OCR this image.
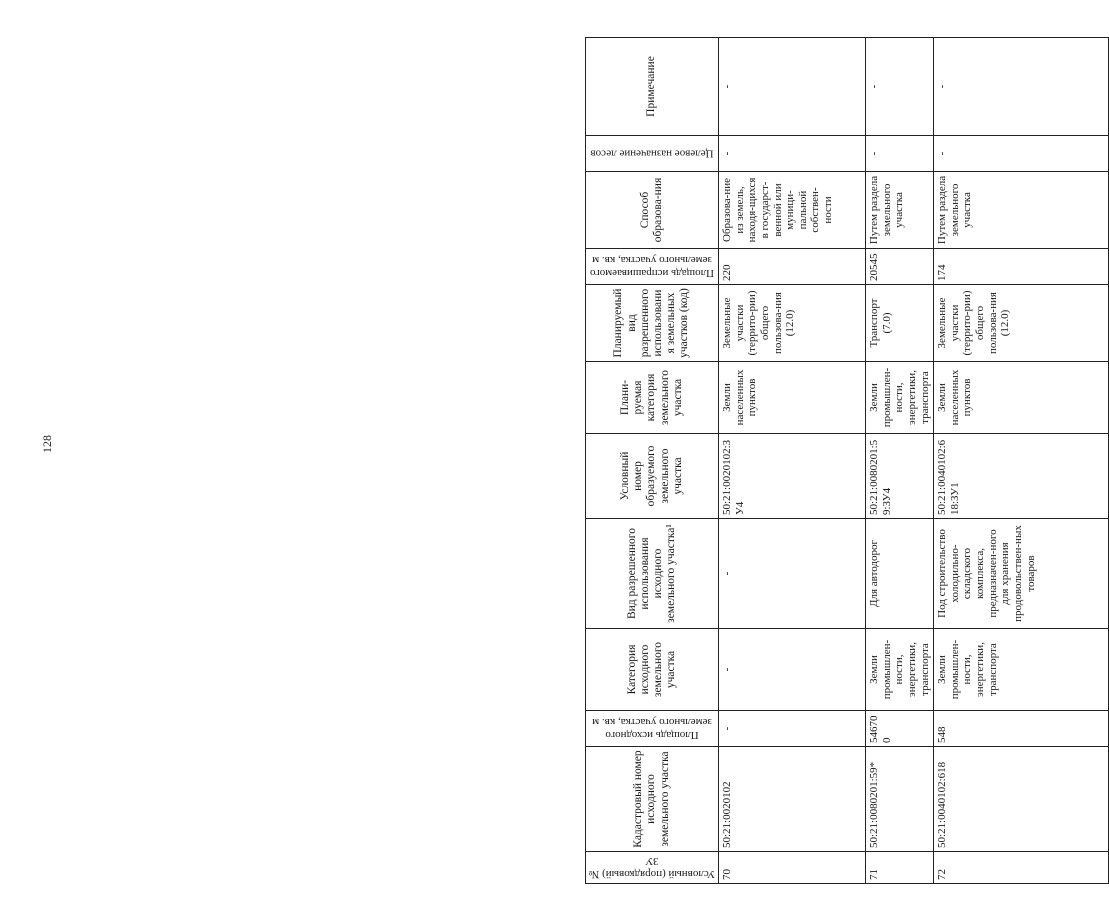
128
Условный (порядковый) № ЗУ	Кадастровый номер исходного земельного участка	Площадь исходного земельного участка, кв. м	Категория исходного земельного участка	Вид разрешенного использования исходного земельного участка¹	Условный номер образуемого земельного участка	Плани-руемая категория земельного участка	Планируемый вид разрешенного использования земельных участков (код)	Площадь испрашиваемого земельного участка, кв. м	Способ образова-ния	Целевое назначение лесов	Примечание
70	50:21:0020102	-	-	-	50:21:0020102:ЗУ4	Земли населенных пунктов	Земельные участки (террито-рии) общего пользова-ния (12.0)	220	Образова-ние из земель, находя-щихся в государст-венной или муници-пальной собствен-ности	-	-
71	50:21:0080201:59*	546700	Земли промышлен-ности, энергетики, транспорта	Для автодорог	50:21:0080201:59:ЗУ4	Земли промышлен-ности, энергетики, транспорта	Транспорт (7.0)	20545	Путем раздела земельного участка	-	-
72	50:21:0040102:618	548	Земли промышлен-ности, энергетики, транспорта	Под строительство холодильно-складского комплекса, предназначен-ного для хранения продовольствен-ных товаров	50:21:0040102:618:ЗУ1	Земли населенных пунктов	Земельные участки (террито-рии) общего пользова-ния (12.0)	174	Путем раздела земельного участка	-	-
